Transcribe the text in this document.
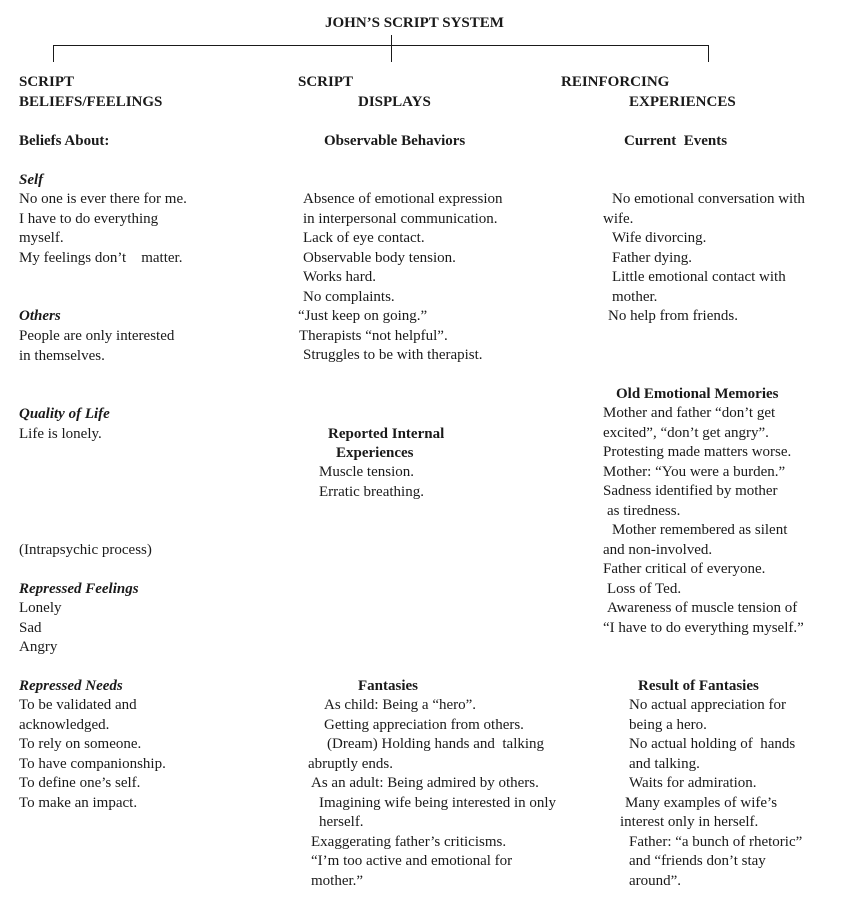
JOHN’S SCRIPT SYSTEM
SCRIPT
BELIEFS/FEELINGS
Beliefs About:
Self
No one is ever there for me.
I have to do everything
myself.
My feelings don’t    matter.
Others
People are only interested
in themselves.
Quality of Life
Life is lonely.
(Intrapsychic process)
Repressed Feelings
Lonely
Sad
Angry
Repressed Needs
To be validated and
acknowledged.
To rely on someone.
To have companionship.
To define one’s self.
To make an impact.
SCRIPT
DISPLAYS
Observable Behaviors
Absence of emotional expression
in interpersonal communication.
Lack of eye contact.
Observable body tension.
Works hard.
No complaints.
“Just keep on going.”
Therapists “not helpful”.
Struggles to be with therapist.
Reported Internal
Experiences
Muscle tension.
Erratic breathing.
Fantasies
As child: Being a “hero”.
Getting appreciation from others.
(Dream) Holding hands and  talking
abruptly ends.
As an adult: Being admired by others.
Imagining wife being interested in only
herself.
Exaggerating father’s criticisms.
“I’m too active and emotional for
mother.”
REINFORCING
EXPERIENCES
Current  Events
No emotional conversation with
wife.
Wife divorcing.
Father dying.
Little emotional contact with
mother.
No help from friends.
Old Emotional Memories
Mother and father “don’t get
excited”, “don’t get angry”.
Protesting made matters worse.
Mother: “You were a burden.”
Sadness identified by mother
as tiredness.
Mother remembered as silent
and non-involved.
Father critical of everyone.
Loss of Ted.
Awareness of muscle tension of
“I have to do everything myself.”
Result of Fantasies
No actual appreciation for
being a hero.
No actual holding of  hands
and talking.
Waits for admiration.
Many examples of wife’s
interest only in herself.
Father: “a bunch of rhetoric”
and “friends don’t stay
around”.
